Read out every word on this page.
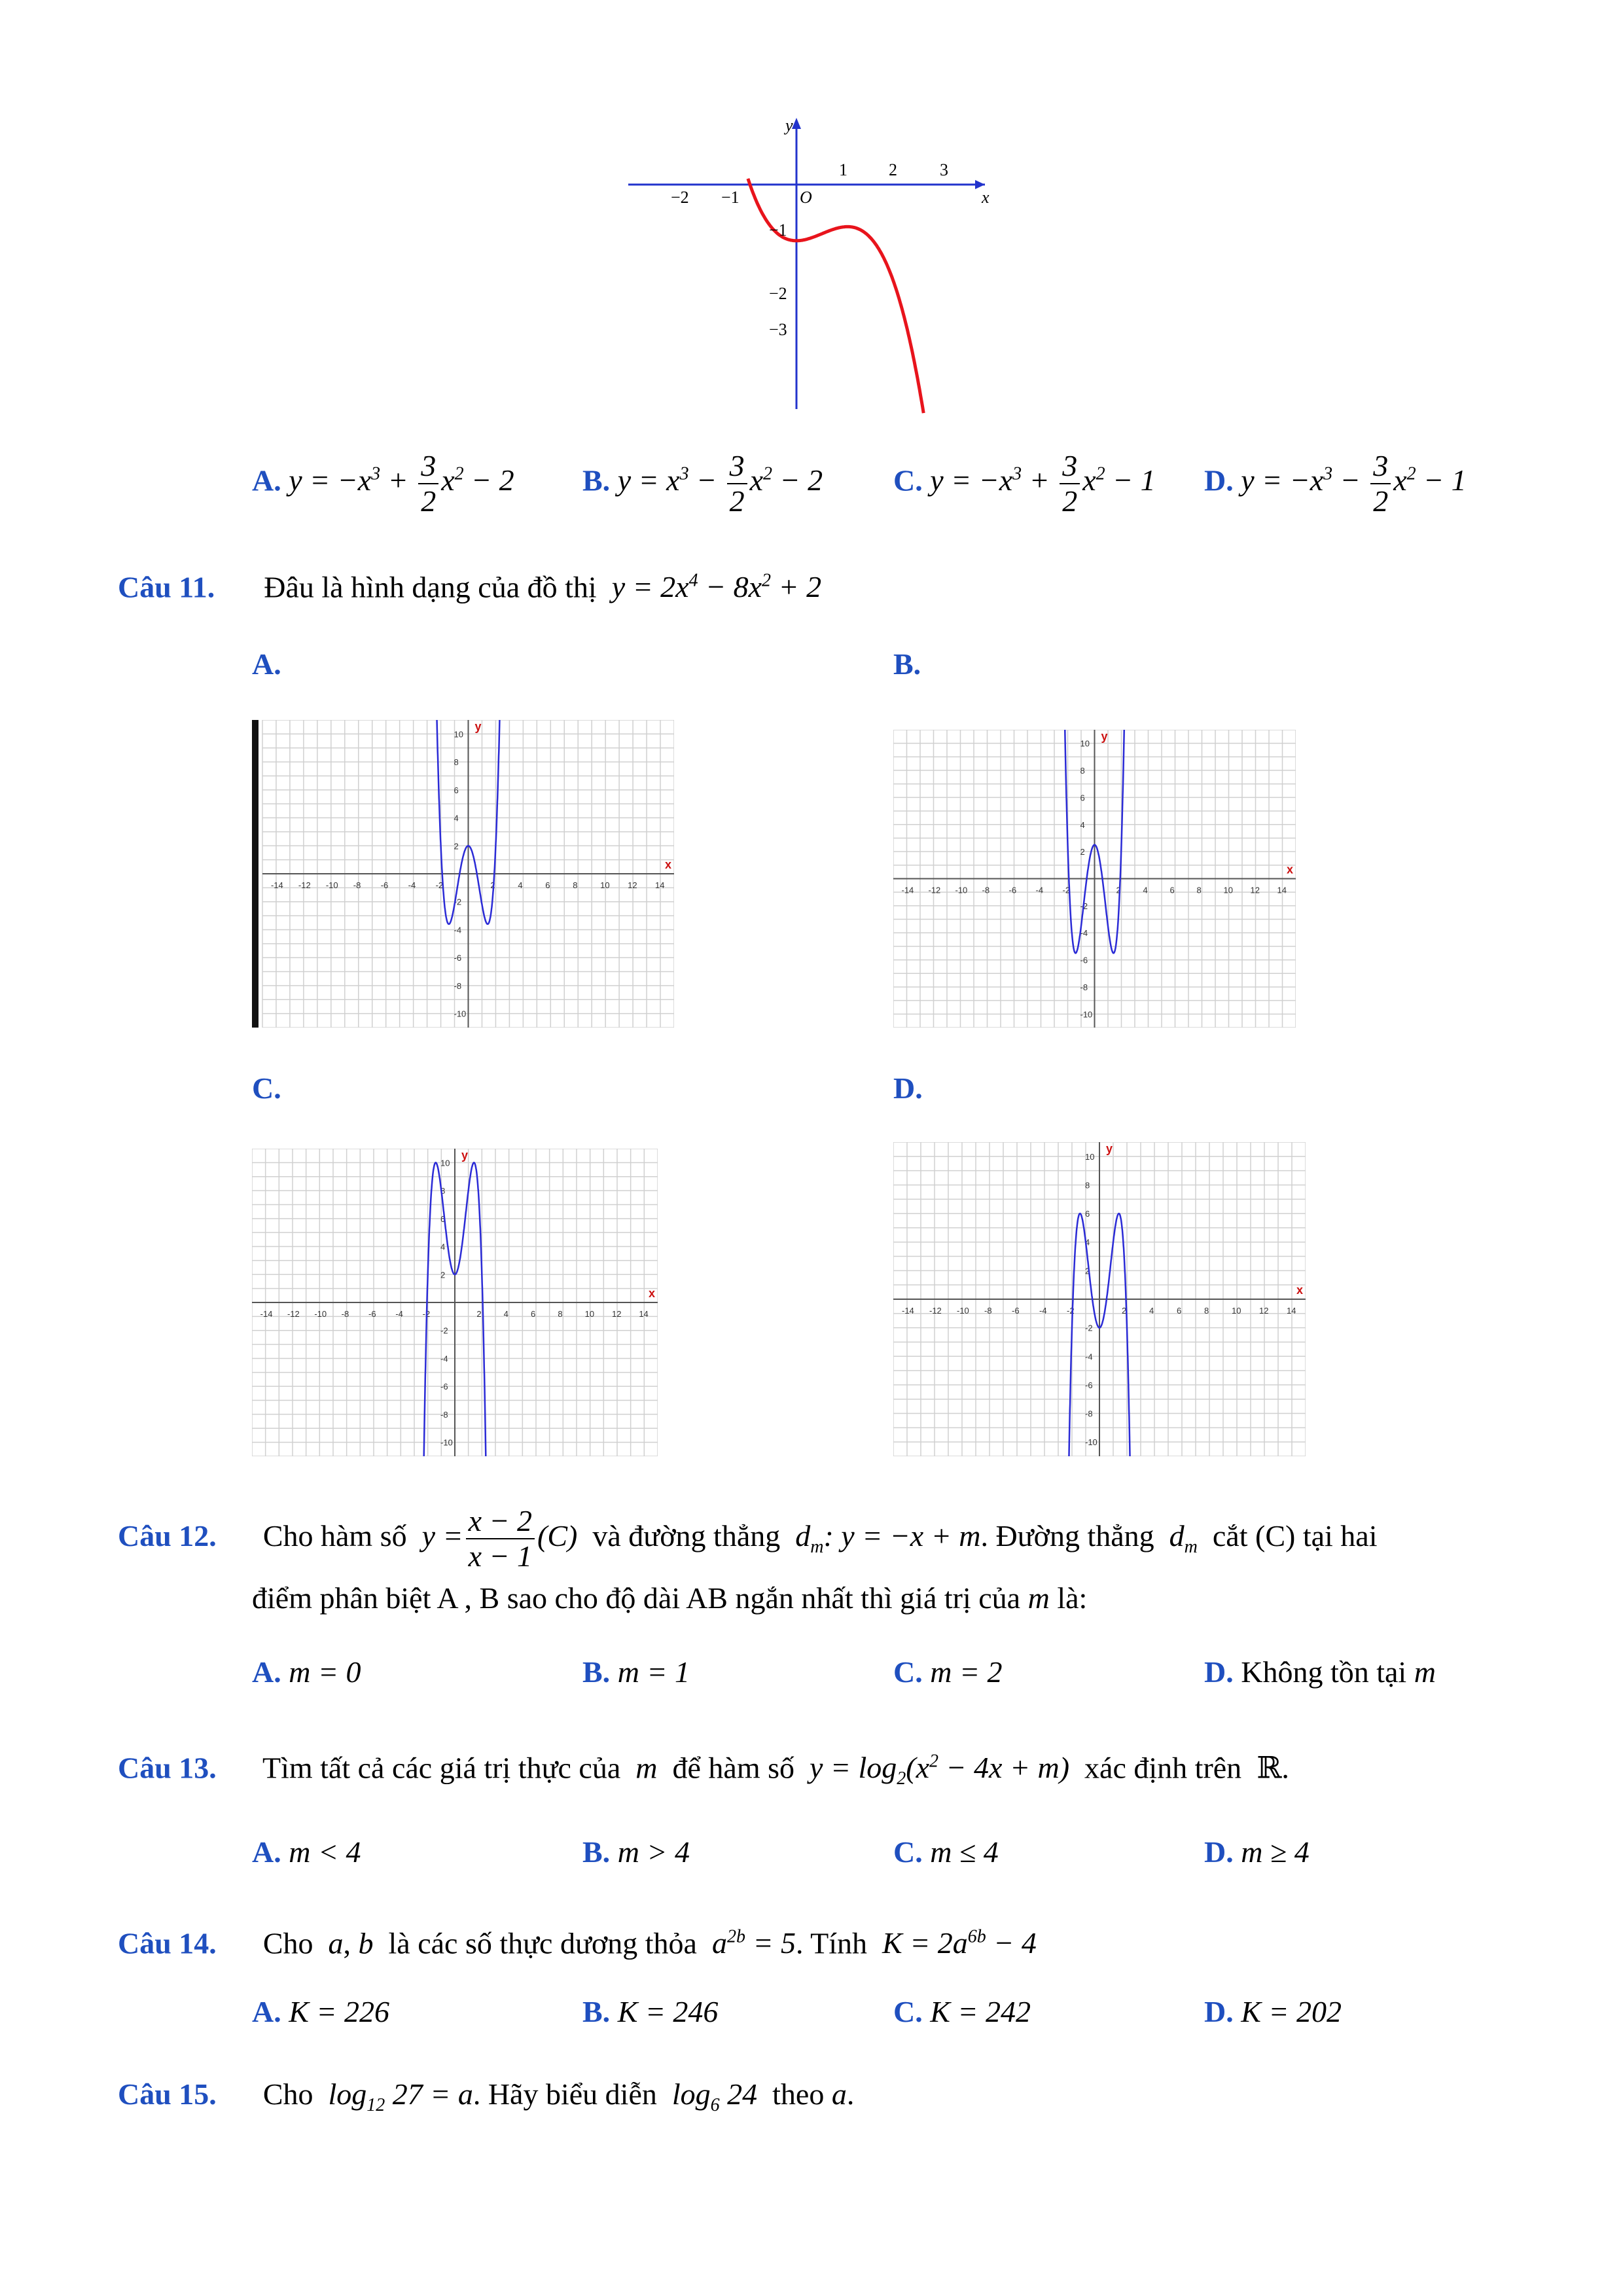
y
x
O
−2 −1
1 2	3
−1
−2
−3
A. $y = -x^3 + \frac{3}{2} x^2 - 2$ B. $y = x^3 - \frac{3}{2} x^2 - 2$ C. $y = -x^3 + \frac{3}{2} x^2 - 1$ D. $y = -x^3 - \frac{3}{2} x^2 - 1$
Câu 11. Đâu là hình dạng của đồ thị $y = 2x^4 - 8x^2 + 2$
A.	B.
C.	D.
-14 -12 -10 -8 -6 -4 -2	2	4	6	8	10 12 14
10
8
6
4
2
-2
-4
-6
-8
-10
x
y
-14 -12 -10 -8 -6 -4 -2	2	4	6	8	10 12 14
10
8
6
4
2
-2
-4
-6
-8
-10
x
y
-14 -12 -10 -8 -6 -4 -2	2	4	6	8	10 12 14
10
8
6
4
2
-2
-4
-6
-8
-10
x
y
-14 -12 -10 -8 -6 -4 -2	2	4	6	8	10 12 14
10
8
6
4
2
-2
-4
-6
-8
-10
x
y
Câu 12. Cho hàm số $y = \frac{x - 2}{x - 1} (C)$ và đường thẳng $d_m$: y = −x + m. Đường thẳng $d_m$ cắt (C) tại hai
điểm phân biệt A , B sao cho độ dài AB ngắn nhất thì giá trị của m là:
A. m = 0	B. m = 1	C. m = 2	D. Không tồn tại m
Câu 13. Tìm tất cả các giá trị thực của m để hàm số $y = \log_2(x^2 - 4x + m)$ xác định trên ℝ.
A. m < 4	B. m > 4	C. m ≤ 4	D. m ≥ 4
Câu 14. Cho a, b là các số thực dương thỏa $a^{2b} = 5$. Tính $K = 2a^{6b} - 4$
A. K = 226	B. K = 246	C. K = 242	D. K = 202
Câu 15. Cho $\log_{12} 27 = a$. Hãy biểu diễn $\log_6 24$ theo a.
